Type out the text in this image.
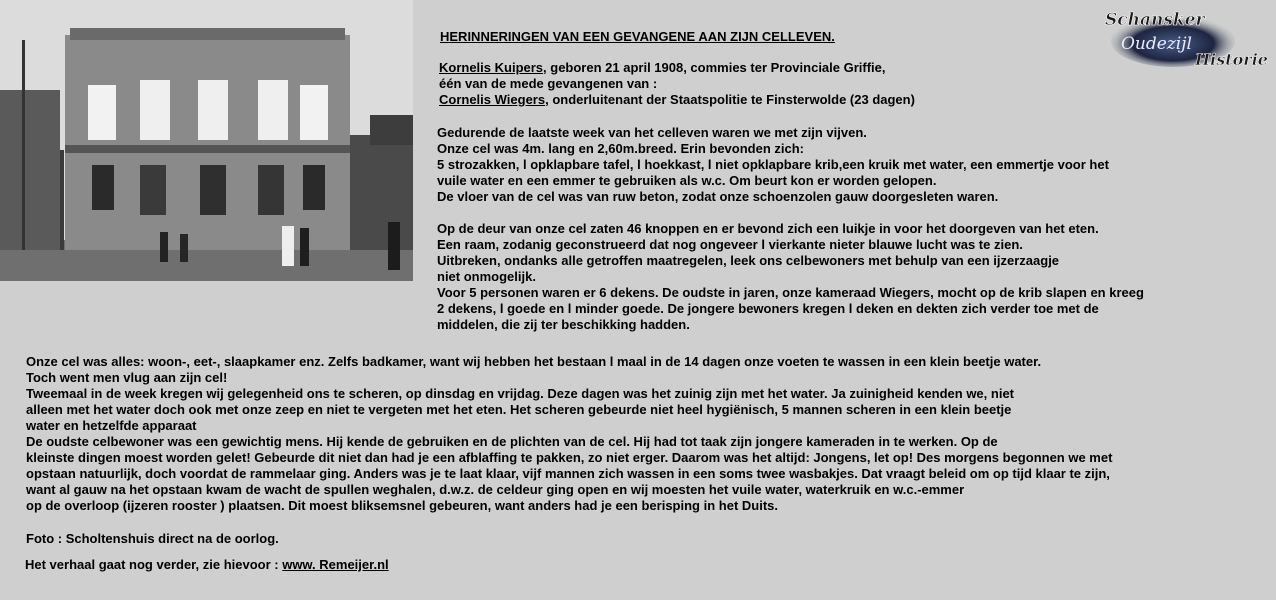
Schansker
Oudezijl
Historie

HERINNERINGEN VAN EEN GEVANGENE AAN ZIJN CELLEVEN.

Kornelis Kuipers, geboren 21 april 1908, commies ter Provinciale Griffie,
één van de mede gevangenen van :
Cornelis Wiegers, onderluitenant der Staatspolitie te Finsterwolde (23 dagen)
Gedurende de laatste week van het celleven waren we met zijn vijven.
Onze cel was 4m. lang en 2,60m.breed. Erin bevonden zich:
5 strozakken, l opklapbare tafel, l hoekkast, l niet opklapbare krib,een kruik met water, een emmertje voor het
vuile water en een emmer te gebruiken als w.c. Om beurt kon er worden gelopen.
De vloer van de cel was van ruw beton, zodat onze schoenzolen gauw doorgesleten waren.
Op de deur van onze cel zaten 46 knoppen en er bevond zich een luikje in voor het doorgeven van het eten.
Een raam, zodanig geconstrueerd dat nog ongeveer l vierkante nieter blauwe lucht was te zien.
Uitbreken, ondanks alle getroffen maatregelen, leek ons celbewoners met behulp van een ijzerzaagje
niet onmogelijk.
Voor 5 personen waren er 6 dekens. De oudste in jaren, onze kameraad Wiegers, mocht op de krib slapen en kreeg
2 dekens, l goede en l minder goede. De jongere bewoners kregen l deken en dekten zich verder toe met de
middelen, die zij ter beschikking hadden.
Onze cel was alles: woon-, eet-, slaapkamer enz. Zelfs badkamer, want wij hebben het bestaan l maal in de 14 dagen onze voeten te wassen in een klein beetje water.
Toch went men vlug aan zijn cel!
Tweemaal in de week kregen wij gelegenheid ons te scheren, op dinsdag en vrijdag. Deze dagen was het zuinig zijn met het water. Ja zuinigheid kenden we, niet
alleen met het water doch ook met onze zeep en niet te vergeten met het eten. Het scheren gebeurde niet heel hygiënisch, 5 mannen scheren in een klein beetje
water en hetzelfde apparaat
De oudste celbewoner was een gewichtig mens. Hij kende de gebruiken en de plichten van de cel. Hij had tot taak zijn jongere kameraden in te werken. Op de
kleinste dingen moest worden gelet! Gebeurde dit niet dan had je een afblaffing te pakken, zo niet erger. Daarom was het altijd: Jongens, let op! Des morgens begonnen we met
opstaan natuurlijk, doch voordat de rammelaar ging. Anders was je te laat klaar, vijf mannen zich wassen in een soms twee wasbakjes. Dat vraagt beleid om op tijd klaar te zijn,
want al gauw na het opstaan kwam de wacht de spullen weghalen, d.w.z. de celdeur ging open en wij moesten het vuile water, waterkruik en w.c.-emmer
op de overloop (ijzeren rooster ) plaatsen. Dit moest bliksemsnel gebeuren, want anders had je een berisping in het Duits.

Foto : Scholtenshuis direct na de oorlog.

Het verhaal gaat nog verder, zie hievoor : www. Remeijer.nl
